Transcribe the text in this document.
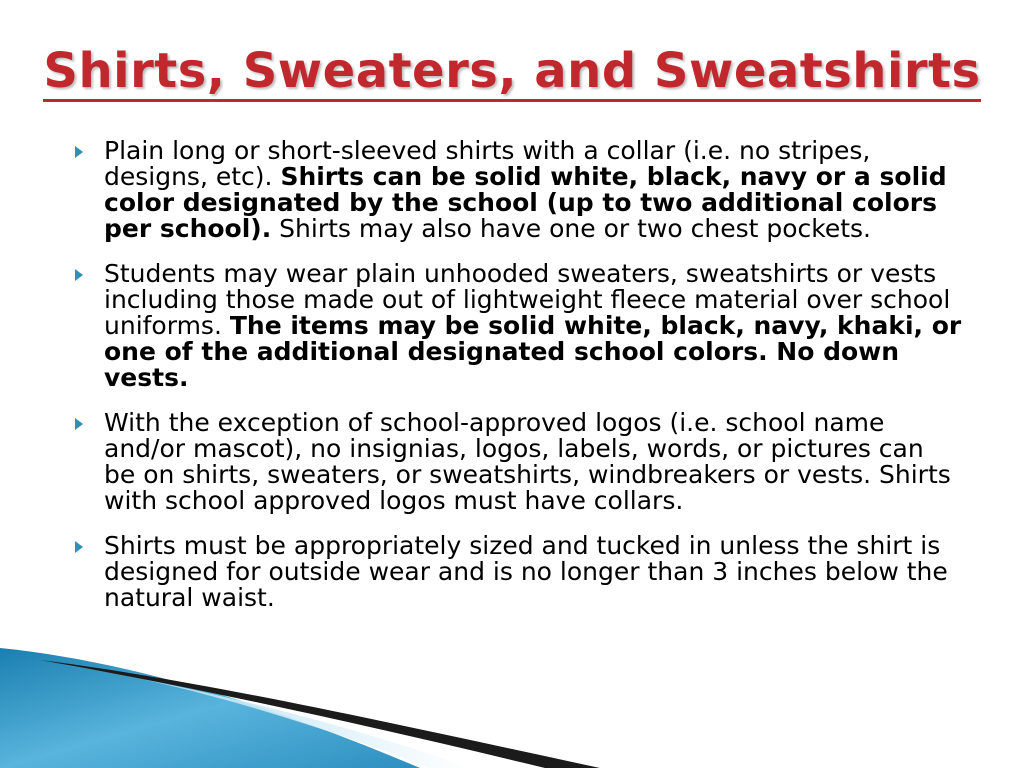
Shirts, Sweaters, and Sweatshirts
Plain long or short-sleeved shirts with a collar (i.e. no stripes, designs, etc). Shirts can be solid white, black, navy or a solid color designated by the school (up to two additional colors per school). Shirts may also have one or two chest pockets.
Students may wear plain unhooded sweaters, sweatshirts or vests including those made out of lightweight fleece material over school uniforms. The items may be solid white, black, navy, khaki, or one of the additional designated school colors. No down vests.
With the exception of school-approved logos (i.e. school name and/or mascot), no insignias, logos, labels, words, or pictures can be on shirts, sweaters, or sweatshirts, windbreakers or vests. Shirts with school approved logos must have collars.
Shirts must be appropriately sized and tucked in unless the shirt is designed for outside wear and is no longer than 3 inches below the natural waist.
